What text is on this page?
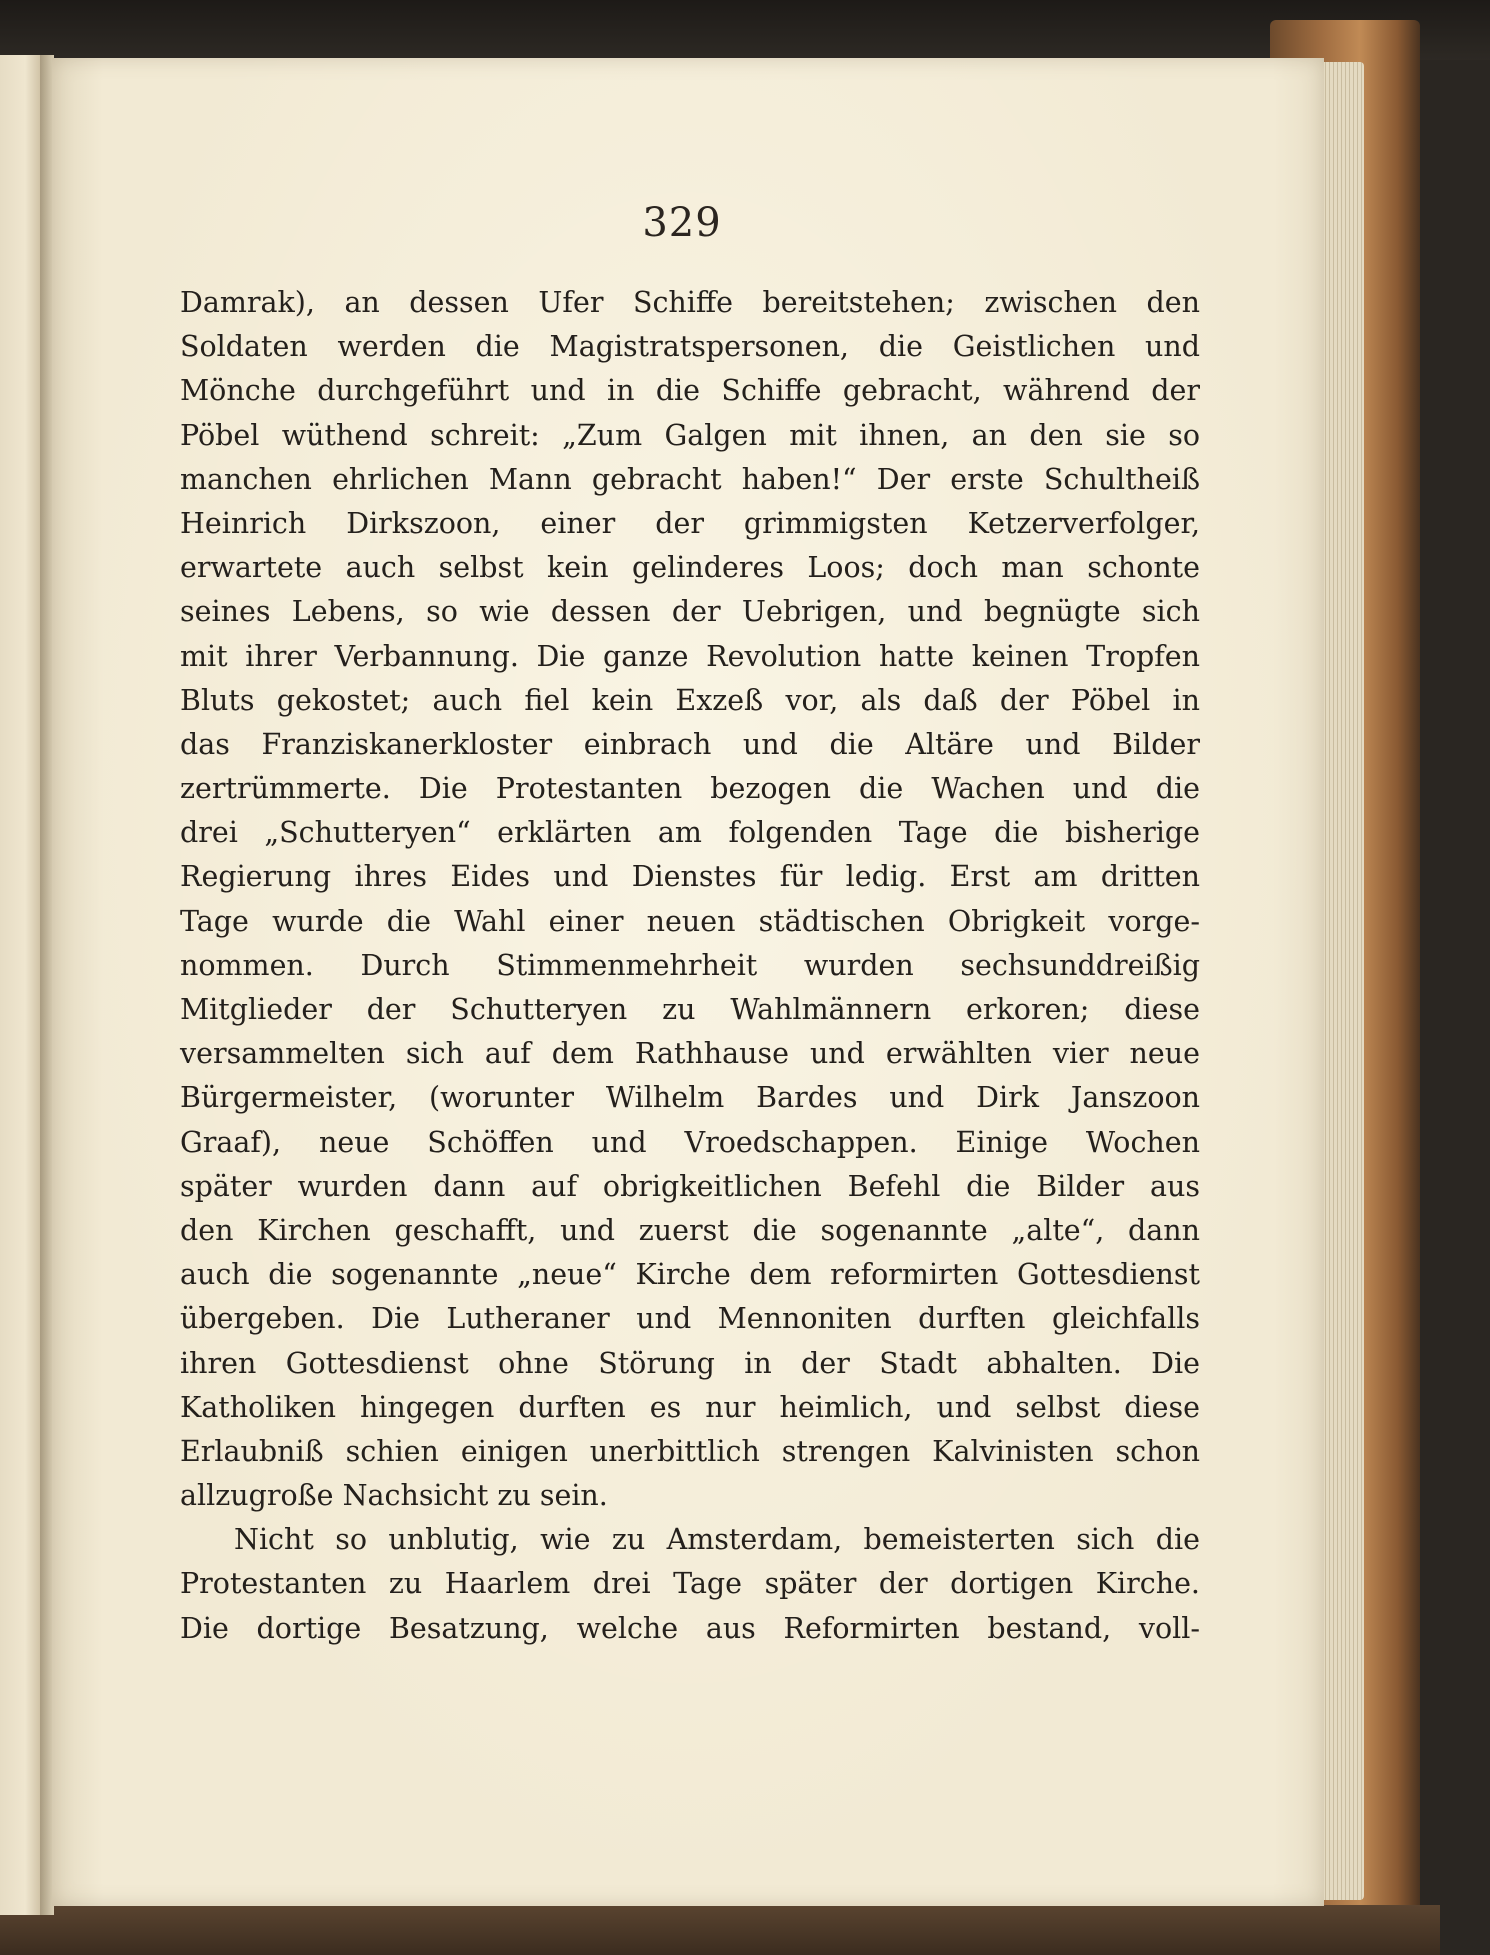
329
Damrak), an dessen Ufer Schiffe bereitstehen; zwischen den
Soldaten werden die Magistratspersonen, die Geistlichen und
Mönche durchgeführt und in die Schiffe gebracht, während der
Pöbel wüthend schreit: „Zum Galgen mit ihnen, an den sie so
manchen ehrlichen Mann gebracht haben!“ Der erste Schultheiß
Heinrich Dirkszoon, einer der grimmigsten Ketzerverfolger,
erwartete auch selbst kein gelinderes Loos; doch man schonte
seines Lebens, so wie dessen der Uebrigen, und begnügte sich
mit ihrer Verbannung. Die ganze Revolution hatte keinen Tropfen
Bluts gekostet; auch fiel kein Exzeß vor, als daß der Pöbel in
das Franziskanerkloster einbrach und die Altäre und Bilder
zertrümmerte. Die Protestanten bezogen die Wachen und die
drei „Schutteryen“ erklärten am folgenden Tage die bisherige
Regierung ihres Eides und Dienstes für ledig. Erst am dritten
Tage wurde die Wahl einer neuen städtischen Obrigkeit vorge-
nommen. Durch Stimmenmehrheit wurden sechsunddreißig
Mitglieder der Schutteryen zu Wahlmännern erkoren; diese
versammelten sich auf dem Rathhause und erwählten vier neue
Bürgermeister, (worunter Wilhelm Bardes und Dirk Janszoon
Graaf), neue Schöffen und Vroedschappen. Einige Wochen
später wurden dann auf obrigkeitlichen Befehl die Bilder aus
den Kirchen geschafft, und zuerst die sogenannte „alte“, dann
auch die sogenannte „neue“ Kirche dem reformirten Gottesdienst
übergeben. Die Lutheraner und Mennoniten durften gleichfalls
ihren Gottesdienst ohne Störung in der Stadt abhalten. Die
Katholiken hingegen durften es nur heimlich, und selbst diese
Erlaubniß schien einigen unerbittlich strengen Kalvinisten schon
allzugroße Nachsicht zu sein.
Nicht so unblutig, wie zu Amsterdam, bemeisterten sich die
Protestanten zu Haarlem drei Tage später der dortigen Kirche.
Die dortige Besatzung, welche aus Reformirten bestand, voll-
